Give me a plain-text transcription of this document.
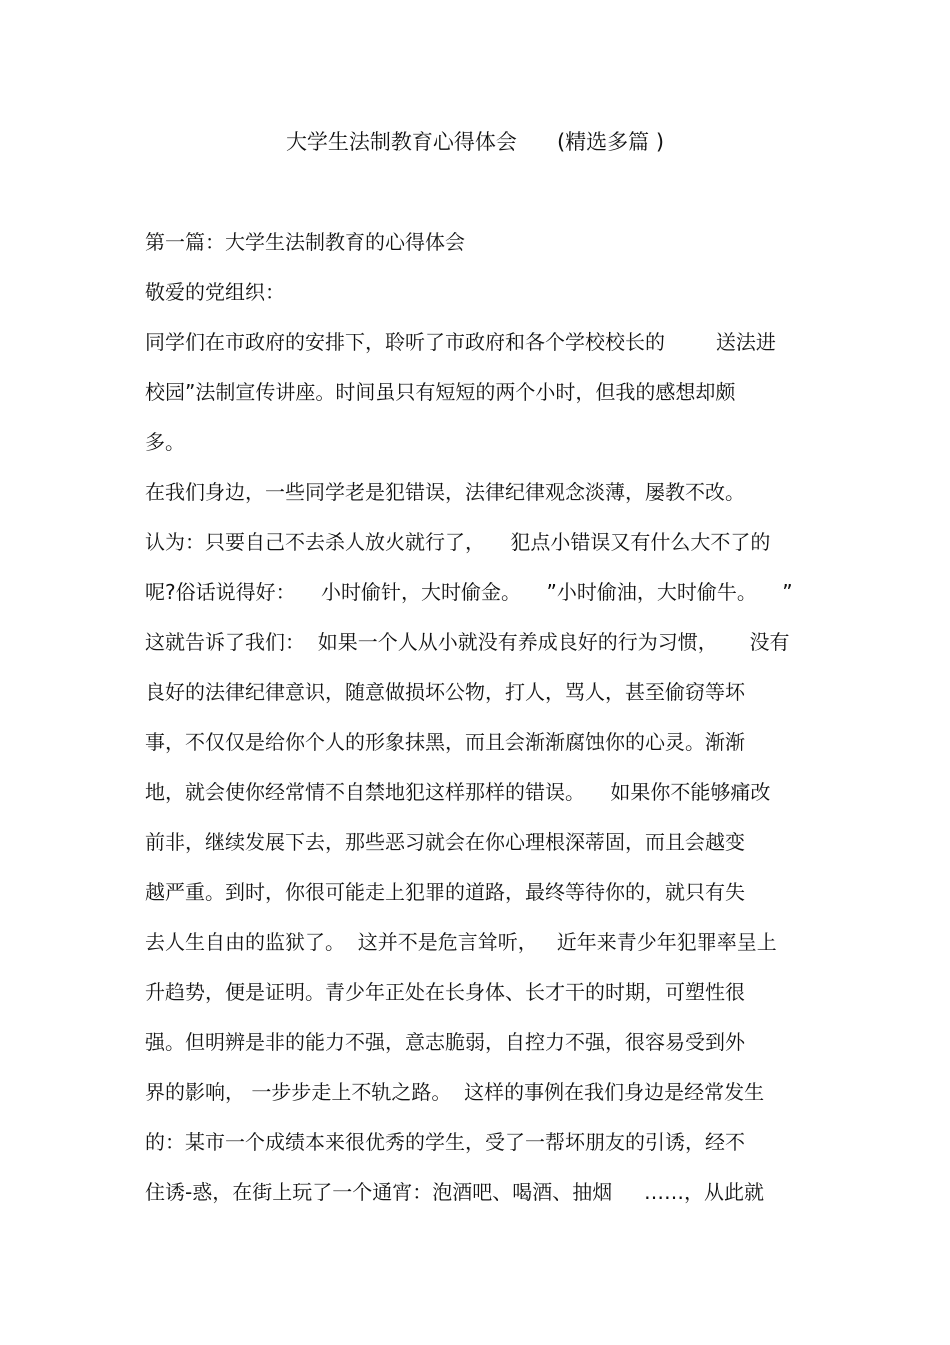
大学生法制教育心得体会      (精选多篇 )
第一篇：大学生法制教育的心得体会
敬爱的党组织：
同学们在市政府的安排下，聆听了市政府和各个学校校长的        送法进
校园”法制宣传讲座。时间虽只有短短的两个小时，但我的感想却颇
多。
在我们身边，一些同学老是犯错误，法律纪律观念淡薄，屡教不改。
认为：只要自己不去杀人放火就行了，    犯点小错误又有什么大不了的
呢?俗话说得好：    小时偷针，大时偷金。    ”小时偷油，大时偷牛。    ”
这就告诉了我们：  如果一个人从小就没有养成良好的行为习惯，     没有
良好的法律纪律意识，随意做损坏公物，打人，骂人，甚至偷窃等坏
事，不仅仅是给你个人的形象抹黑，而且会渐渐腐蚀你的心灵。渐渐
地，就会使你经常情不自禁地犯这样那样的错误。    如果你不能够痛改
前非，继续发展下去，那些恶习就会在你心理根深蒂固，而且会越变
越严重。到时，你很可能走上犯罪的道路，最终等待你的，就只有失
去人生自由的监狱了。  这并不是危言耸听，   近年来青少年犯罪率呈上
升趋势，便是证明。青少年正处在长身体、长才干的时期，可塑性很
强。但明辨是非的能力不强，意志脆弱，自控力不强，很容易受到外
界的影响， 一步步走上不轨之路。  这样的事例在我们身边是经常发生
的：某市一个成绩本来很优秀的学生，受了一帮坏朋友的引诱，经不
住诱-惑，在街上玩了一个通宵：泡酒吧、喝酒、抽烟     ……，从此就
